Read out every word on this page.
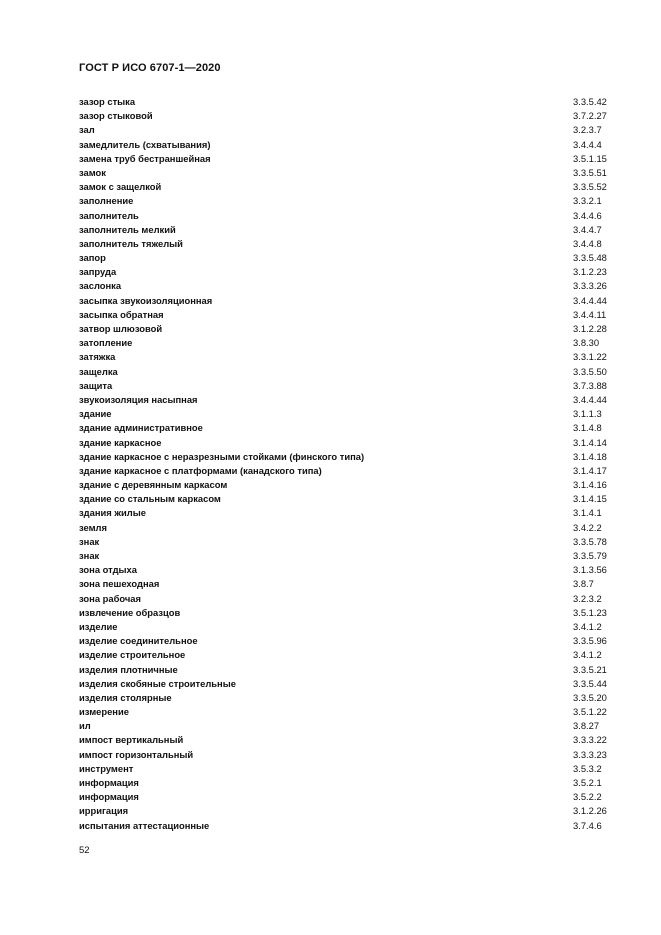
ГОСТ Р ИСО 6707-1—2020
зазор стыка	3.3.5.42
зазор стыковой	3.7.2.27
зал	3.2.3.7
замедлитель (схватывания)	3.4.4.4
замена труб бестраншейная	3.5.1.15
замок	3.3.5.51
замок с защелкой	3.3.5.52
заполнение	3.3.2.1
заполнитель	3.4.4.6
заполнитель мелкий	3.4.4.7
заполнитель тяжелый	3.4.4.8
запор	3.3.5.48
запруда	3.1.2.23
заслонка	3.3.3.26
засыпка звукоизоляционная	3.4.4.44
засыпка обратная	3.4.4.11
затвор шлюзовой	3.1.2.28
затопление	3.8.30
затяжка	3.3.1.22
защелка	3.3.5.50
защита	3.7.3.88
звукоизоляция насыпная	3.4.4.44
здание	3.1.1.3
здание административное	3.1.4.8
здание каркасное	3.1.4.14
здание каркасное с неразрезными стойками (финского типа)	3.1.4.18
здание каркасное с платформами (канадского типа)	3.1.4.17
здание с деревянным каркасом	3.1.4.16
здание со стальным каркасом	3.1.4.15
здания жилые	3.1.4.1
земля	3.4.2.2
знак	3.3.5.78
знак	3.3.5.79
зона отдыха	3.1.3.56
зона пешеходная	3.8.7
зона рабочая	3.2.3.2
извлечение образцов	3.5.1.23
изделие	3.4.1.2
изделие соединительное	3.3.5.96
изделие строительное	3.4.1.2
изделия плотничные	3.3.5.21
изделия скобяные строительные	3.3.5.44
изделия столярные	3.3.5.20
измерение	3.5.1.22
ил	3.8.27
импост вертикальный	3.3.3.22
импост горизонтальный	3.3.3.23
инструмент	3.5.3.2
информация	3.5.2.1
информация	3.5.2.2
ирригация	3.1.2.26
испытания аттестационные	3.7.4.6
52
